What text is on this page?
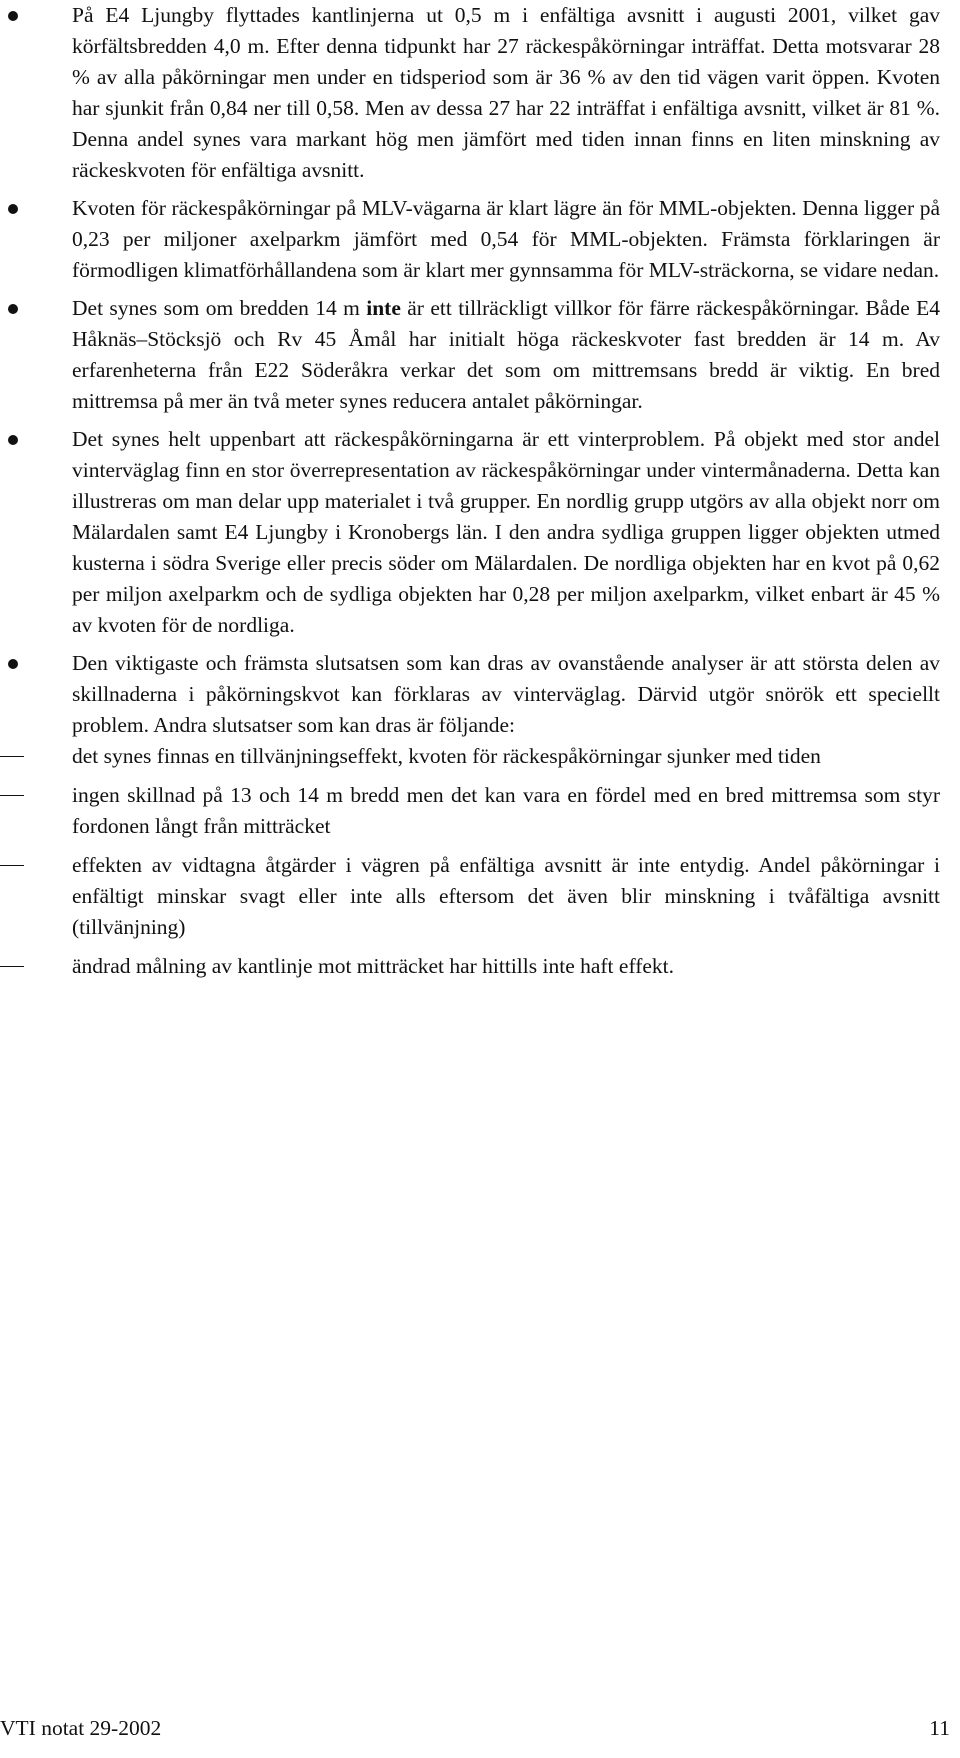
På E4 Ljungby flyttades kantlinjerna ut 0,5 m i enfältiga avsnitt i augusti 2001, vilket gav körfältsbredden 4,0 m. Efter denna tidpunkt har 27 räckespåkörningar inträffat. Detta motsvarar 28 % av alla påkörningar men under en tidsperiod som är 36 % av den tid vägen varit öppen. Kvoten har sjunkit från 0,84 ner till 0,58. Men av dessa 27 har 22 inträffat i enfältiga avsnitt, vilket är 81 %. Denna andel synes vara markant hög men jämfört med tiden innan finns en liten minskning av räckeskvoten för enfältiga avsnitt.
Kvoten för räckespåkörningar på MLV-vägarna är klart lägre än för MML-objekten. Denna ligger på 0,23 per miljoner axelparkm jämfört med 0,54 för MML-objekten. Främsta förklaringen är förmodligen klimatförhållandena som är klart mer gynnsamma för MLV-sträckorna, se vidare nedan.
Det synes som om bredden 14 m inte är ett tillräckligt villkor för färre räckespåkörningar. Både E4 Håknäs–Stöcksjö och Rv 45 Åmål har initialt höga räckeskvoter fast bredden är 14 m. Av erfarenheterna från E22 Söderåkra verkar det som om mittremsans bredd är viktig. En bred mittremsa på mer än två meter synes reducera antalet påkörningar.
Det synes helt uppenbart att räckespåkörningarna är ett vinterproblem. På objekt med stor andel vinterväglag finn en stor överrepresentation av räckespåkörningar under vintermånaderna. Detta kan illustreras om man delar upp materialet i två grupper. En nordlig grupp utgörs av alla objekt norr om Mälardalen samt E4 Ljungby i Kronobergs län. I den andra sydliga gruppen ligger objekten utmed kusterna i södra Sverige eller precis söder om Mälardalen. De nordliga objekten har en kvot på 0,62 per miljon axelparkm och de sydliga objekten har 0,28 per miljon axelparkm, vilket enbart är 45 % av kvoten för de nordliga.
Den viktigaste och främsta slutsatsen som kan dras av ovanstående analyser är att största delen av skillnaderna i påkörningskvot kan förklaras av vinterväglag. Därvid utgör snörök ett speciellt problem. Andra slutsatser som kan dras är följande:
det synes finnas en tillvänjningseffekt, kvoten för räckespåkörningar sjunker med tiden
ingen skillnad på 13 och 14 m bredd men det kan vara en fördel med en bred mittremsa som styr fordonen långt från mitträcket
effekten av vidtagna åtgärder i vägren på enfältiga avsnitt är inte entydig. Andel påkörningar i enfältigt minskar svagt eller inte alls eftersom det även blir minskning i tvåfältiga avsnitt (tillvänjning)
ändrad målning av kantlinje mot mitträcket har hittills inte haft effekt.
VTI notat 29-2002	11
